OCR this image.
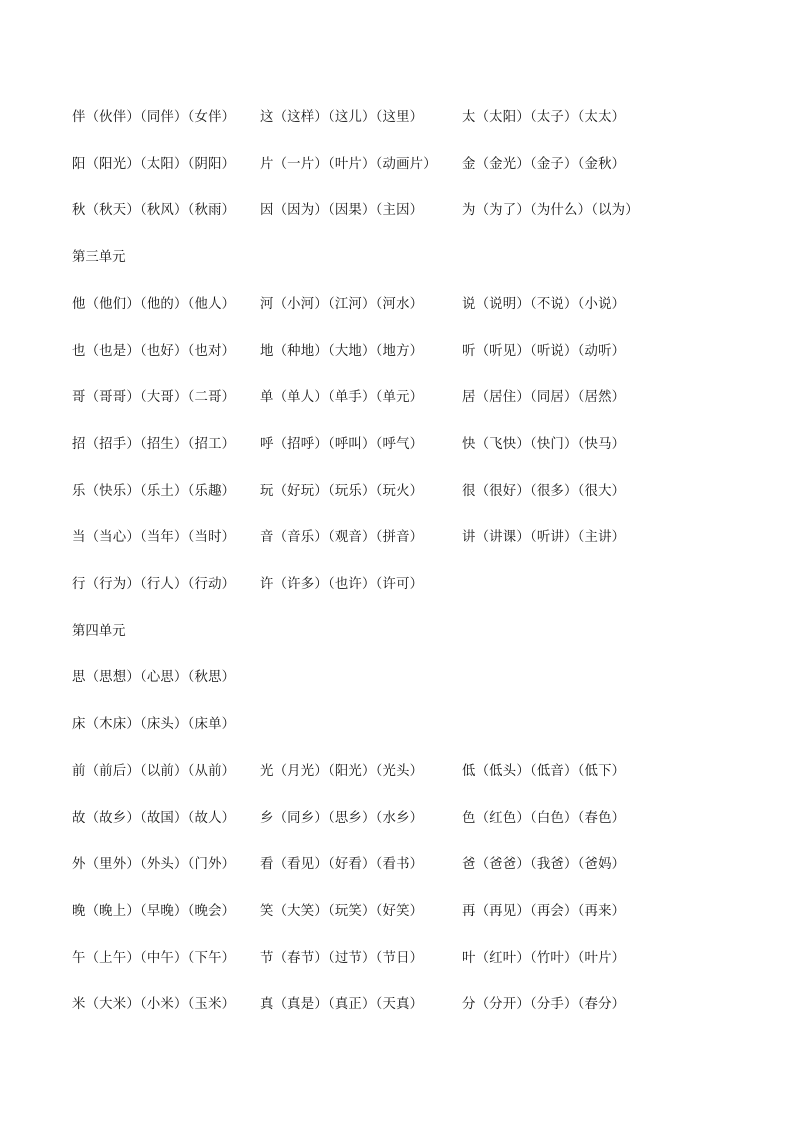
伴（伙伴）（同伴）（女伴） 这（这样）（这儿）（这里）	太（太阳）（太子）（太太）
阳（阳光）（太阳）（阴阳） 片（一片）（叶片）（动画片） 金（金光）（金子）（金秋）
秋（秋天）（秋风）（秋雨） 因（因为）（因果）（主因）	为（为了）（为什么）（以为）
第三单元
他（他们）（他的）（他人） 河（小河）（江河）（河水）	说（说明）（不说）（小说）
也（也是）（也好）（也对） 地（种地）（大地）（地方）	听（听见）（听说）（动听）
哥（哥哥）（大哥）（二哥） 单（单人）（单手）（单元）	居（居住）（同居）（居然）
招（招手）（招生）（招工） 呼（招呼）（呼叫）（呼气）	快（飞快）（快门）（快马）
乐（快乐）（乐土）（乐趣） 玩（好玩）（玩乐）（玩火）	很（很好）（很多）（很大）
当（当心）（当年）（当时） 音（音乐）（观音）（拼音）	讲（讲课）（听讲）（主讲）
行（行为）（行人）（行动） 许（许多）（也许）（许可）
第四单元
思（思想）（心思）（秋思）
床（木床）（床头）（床单）
前（前后）（以前）（从前） 光（月光）（阳光）（光头）	低（低头）（低音）（低下）
故（故乡）（故国）（故人） 乡（同乡）（思乡）（水乡）	色（红色）（白色）（春色）
外（里外）（外头）（门外） 看（看见）（好看）（看书）	爸（爸爸）（我爸）（爸妈）
晚（晚上）（早晚）（晚会） 笑（大笑）（玩笑）（好笑）	再（再见）（再会）（再来）
午（上午）（中午）（下午） 节（春节）（过节）（节日）	叶（红叶）（竹叶）（叶片）
米（大米）（小米）（玉米） 真（真是）（真正）（天真）	分（分开）（分手）（春分）
